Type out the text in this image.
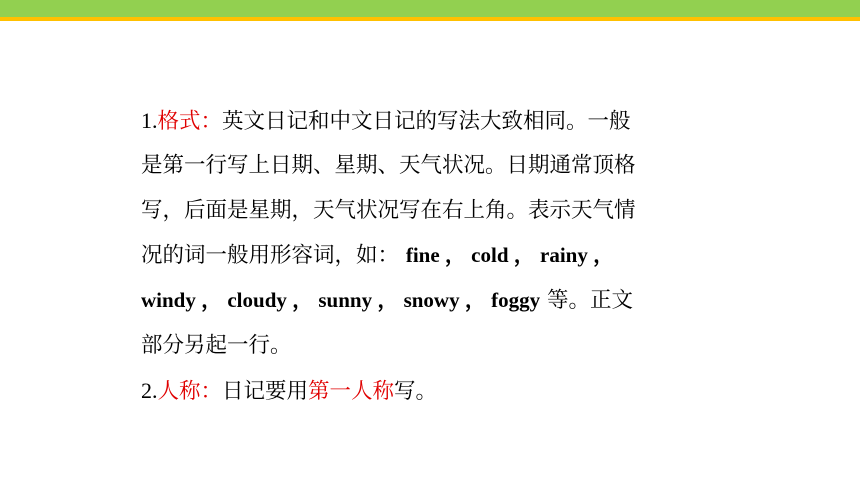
1.格式：英文日记和中文日记的写法大致相同。一般
是第一行写上日期、星期、天气状况。日期通常顶格
写，后面是星期，天气状况写在右上角。表示天气情
况的词一般用形容词，如： fine ， cold ， rainy ，
windy ， cloudy ， sunny ， snowy ， foggy 等。正文
部分另起一行。
2.人称：日记要用第一人称写。
